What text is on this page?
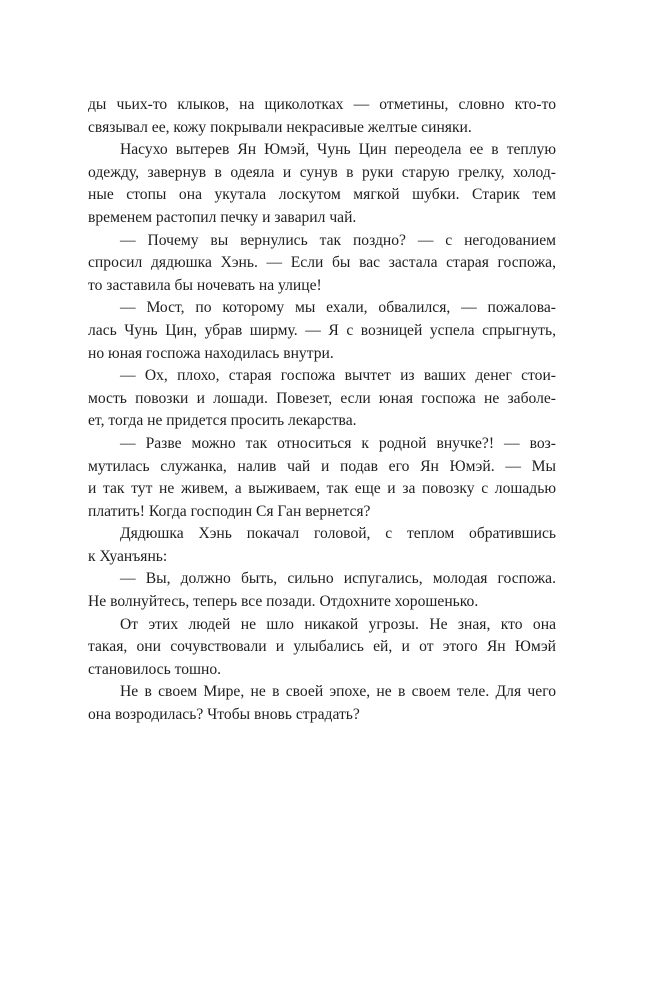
ды чьих-то клыков, на щиколотках — отметины, словно кто-то
связывал ее, кожу покрывали некрасивые желтые синяки.
Насухо вытерев Ян Юмэй, Чунь Цин переодела ее в теплую
одежду, завернув в одеяла и сунув в руки старую грелку, холод-
ные стопы она укутала лоскутом мягкой шубки. Старик тем
временем растопил печку и заварил чай.
— Почему вы вернулись так поздно? — с негодованием
спросил дядюшка Хэнь. — Если бы вас застала старая госпожа,
то заставила бы ночевать на улице!
— Мост, по которому мы ехали, обвалился, — пожалова-
лась Чунь Цин, убрав ширму. — Я с возницей успела спрыгнуть,
но юная госпожа находилась внутри.
— Ох, плохо, старая госпожа вычтет из ваших денег стои-
мость повозки и лошади. Повезет, если юная госпожа не заболе-
ет, тогда не придется просить лекарства.
— Разве можно так относиться к родной внучке?! — воз-
мутилась служанка, налив чай и подав его Ян Юмэй. — Мы
и так тут не живем, а выживаем, так еще и за повозку с лошадью
платить! Когда господин Ся Ган вернется?
Дядюшка Хэнь покачал головой, с теплом обратившись
к Хуанъянь:
— Вы, должно быть, сильно испугались, молодая госпожа.
Не волнуйтесь, теперь все позади. Отдохните хорошенько.
От этих людей не шло никакой угрозы. Не зная, кто она
такая, они сочувствовали и улыбались ей, и от этого Ян Юмэй
становилось тошно.
Не в своем Мире, не в своей эпохе, не в своем теле. Для чего
она возродилась? Чтобы вновь страдать?
